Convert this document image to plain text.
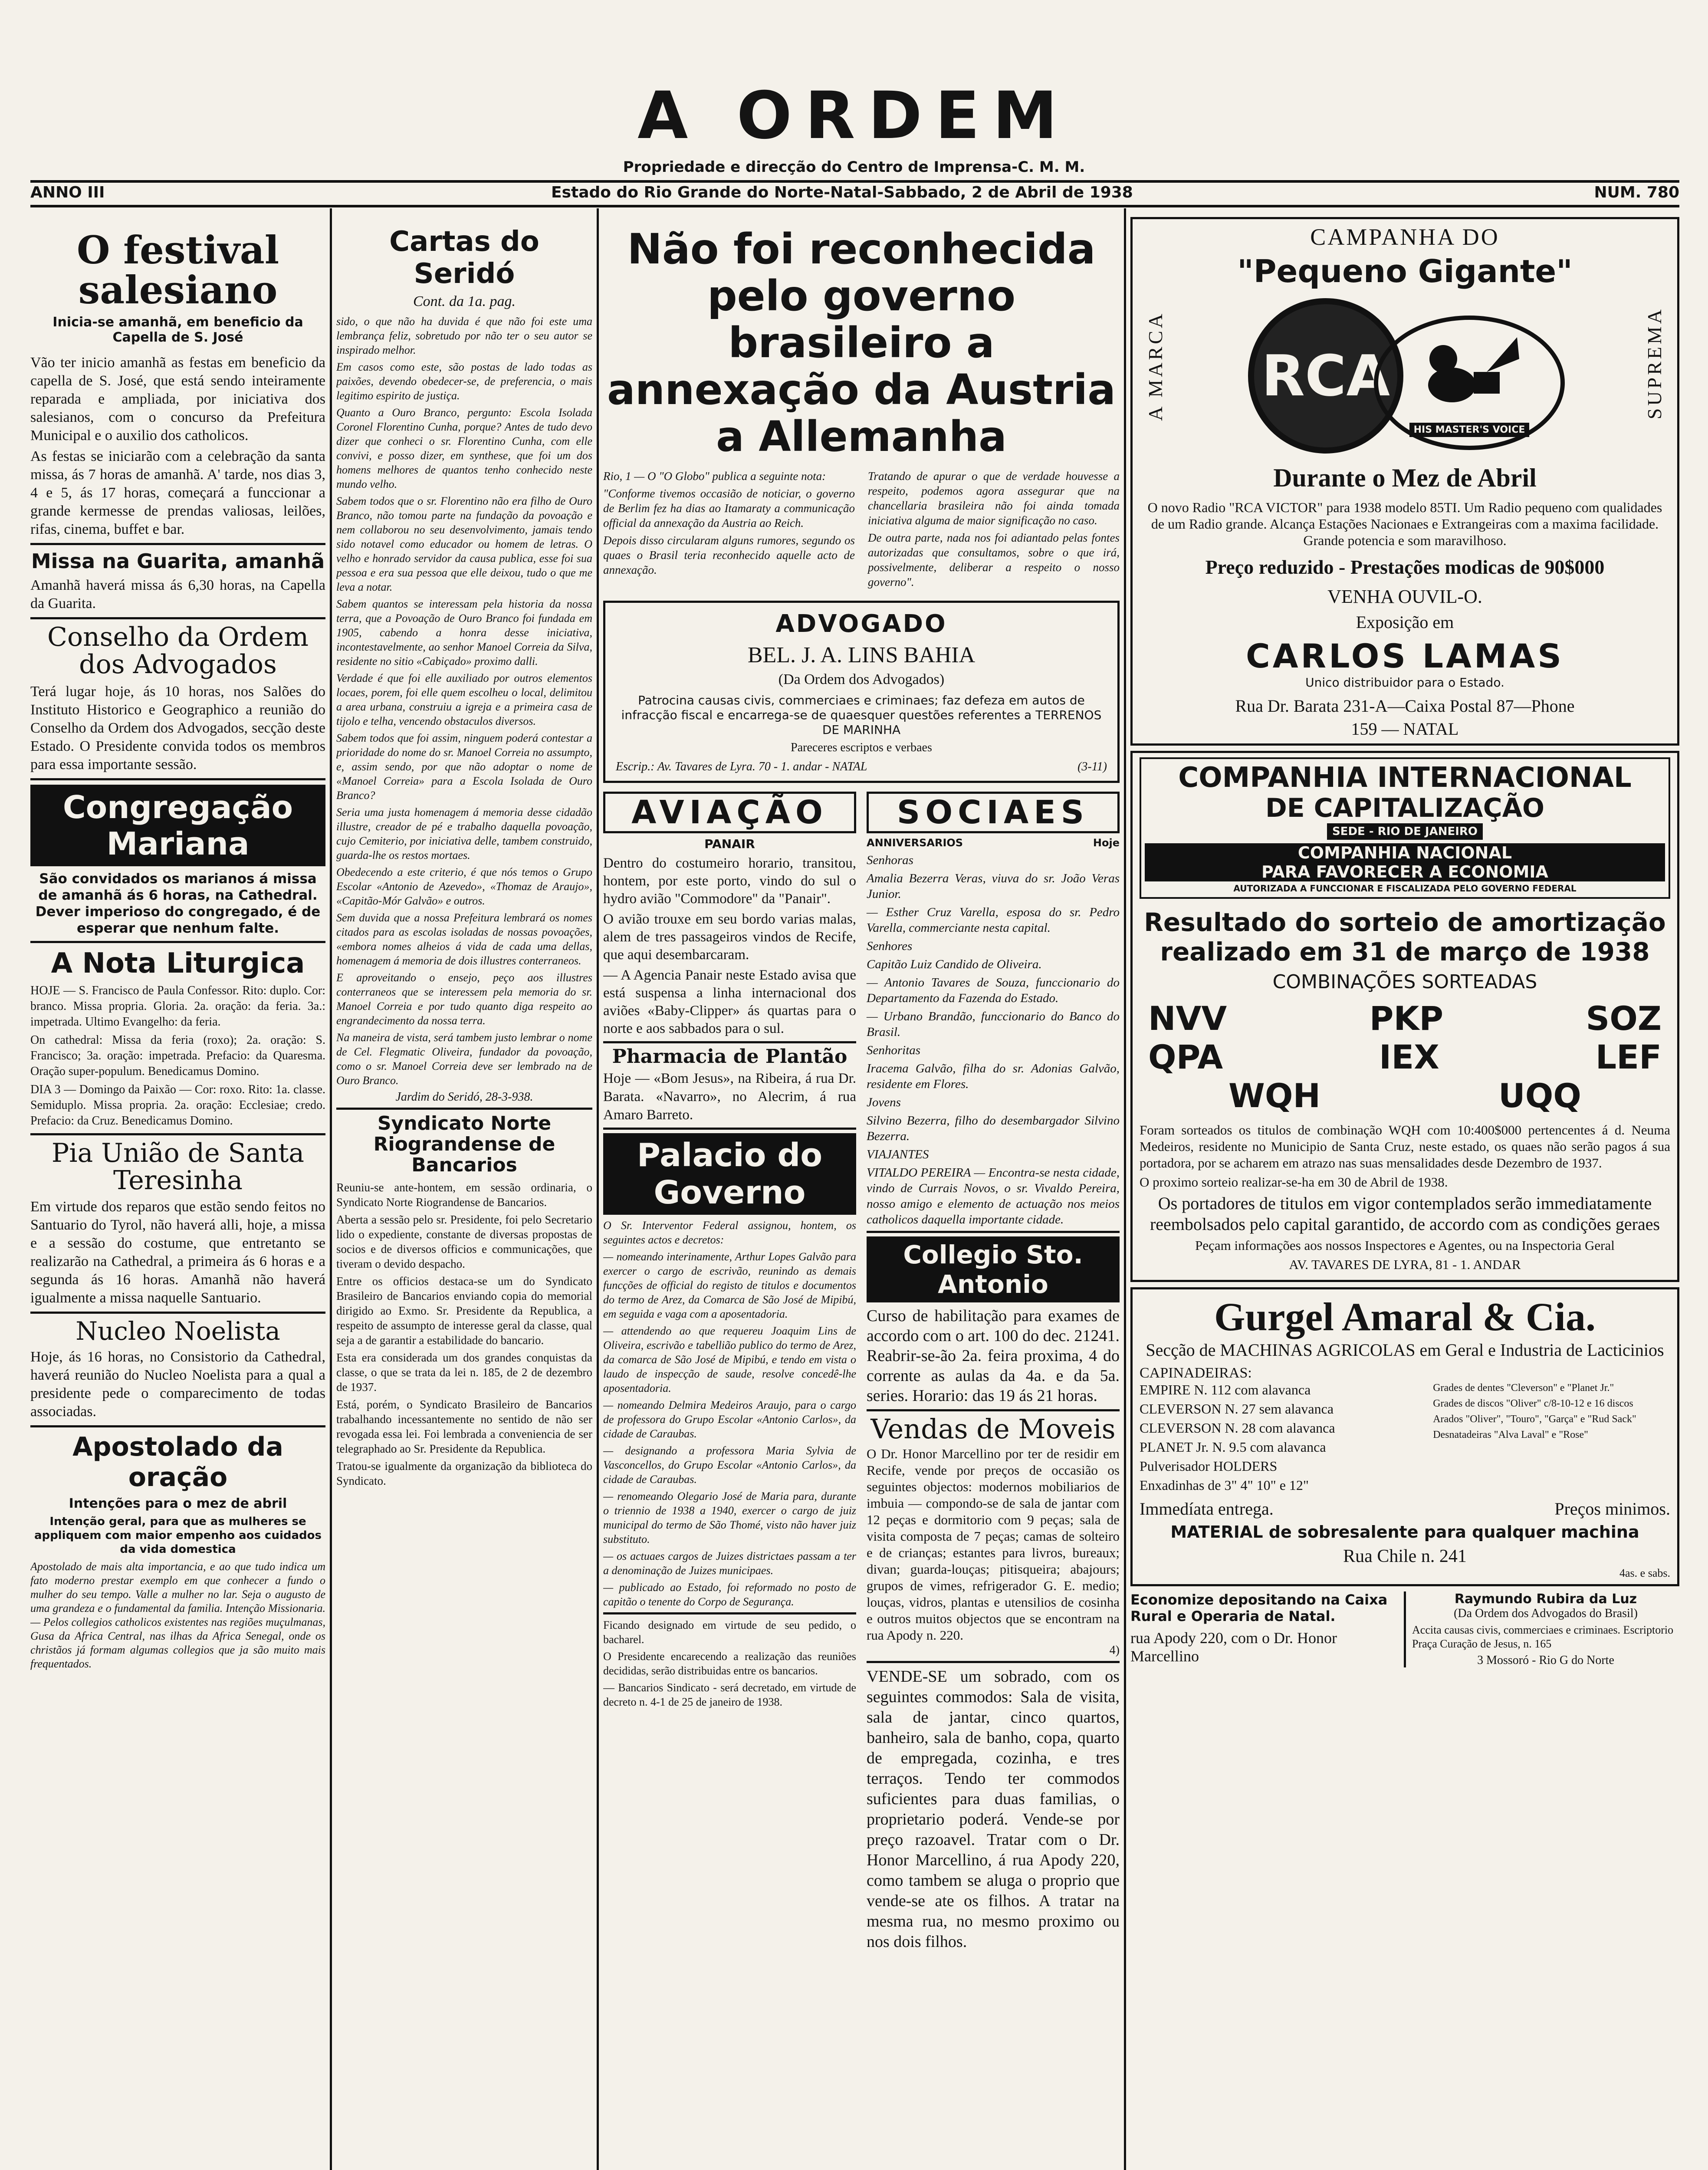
A ORDEM
Propriedade e direcção do Centro de Imprensa-C. M. M.
ANNO III	Estado do Rio Grande do Norte-Natal-Sabbado, 2 de Abril de 1938	NUM. 780
O festival salesiano
Inicia-se amanhã, em beneficio da Capella de S. José

Vão ter inicio amanhã as festas em beneficio da capella de S. José, que está sendo inteiramente reparada e ampliada, por iniciativa dos salesianos, com o concurso da Prefeitura Municipal e o auxilio dos catholicos.

As festas se iniciarão com a celebração da santa missa, ás 7 horas de amanhã. A' tarde, nos dias 3, 4 e 5, ás 17 horas, começará a funccionar a grande kermesse de prendas valiosas, leilões, rifas, cinema, buffet e bar.

Missa na Guarita, amanhã
Amanhã haverá missa ás 6,30 horas, na Capella da Guarita.
Conselho da Ordem dos Advogados
Terá lugar hoje, ás 10 horas, nos Salões do Instituto Historico e Geographico a reunião do Conselho da Ordem dos Advogados, secção deste Estado. O Presidente convida todos os membros para essa importante sessão.
Congregação Mariana
São convidados os marianos á missa de amanhã ás 6 horas, na Cathedral. Dever imperioso do congregado, é de esperar que nenhum falte.
A Nota Liturgica

HOJE — S. Francisco de Paula Confessor. Rito: duplo. Cor: branco. Missa propria. Gloria. 2a. oração: da feria. 3a.: impetrada. Ultimo Evangelho: da feria.

On cathedral: Missa da feria (roxo); 2a. oração: S. Francisco; 3a. oração: impetrada. Prefacio: da Quaresma. Oração super-populum. Benedicamus Domino.

DIA 3 — Domingo da Paixão — Cor: roxo. Rito: 1a. classe. Semiduplo. Missa propria. 2a. oração: Ecclesiae; credo. Prefacio: da Cruz. Benedicamus Domino.

Pia União de Santa Teresinha
Em virtude dos reparos que estão sendo feitos no Santuario do Tyrol, não haverá alli, hoje, a missa e a sessão do costume, que entretanto se realizarão na Cathedral, a primeira ás 6 horas e a segunda ás 16 horas. Amanhã não haverá igualmente a missa naquelle Santuario.
Nucleo Noelista
Hoje, ás 16 horas, no Consistorio da Cathedral, haverá reunião do Nucleo Noelista para a qual a presidente pede o comparecimento de todas associadas.
Apostolado da oração
Intenções para o mez de abril
Intenção geral, para que as mulheres se appliquem com maior empenho aos cuidados da vida domestica
Apostolado de mais alta importancia, e ao que tudo indica um fato moderno prestar exemplo em que conhecer a fundo o mulher do seu tempo. Valle a mulher no lar. Seja o augusto de uma grandeza e o fundamental da familia. Intenção Missionaria. — Pelos collegios catholicos existentes nas regiões muçulmanas, Gusa da Africa Central, nas ilhas da Africa Senegal, onde os christãos já formam algumas collegios que ja são muito mais frequentados.
Cartas do Seridó
Cont. da 1a. pag.

sido, o que não ha duvida é que não foi este uma lembrança feliz, sobretudo por não ter o seu autor se inspirado melhor.

Em casos como este, são postas de lado todas as paixões, devendo obedecer-se, de preferencia, o mais legitimo espirito de justiça.

Quanto a Ouro Branco, pergunto: Escola Isolada Coronel Florentino Cunha, porque? Antes de tudo devo dizer que conheci o sr. Florentino Cunha, com elle convivi, e posso dizer, em synthese, que foi um dos homens melhores de quantos tenho conhecido neste mundo velho.

Sabem todos que o sr. Florentino não era filho de Ouro Branco, não tomou parte na fundação da povoação e nem collaborou no seu desenvolvimento, jamais tendo sido notavel como educador ou homem de letras. O velho e honrado servidor da causa publica, esse foi sua pessoa e era sua pessoa que elle deixou, tudo o que me leva a notar.

Sabem quantos se interessam pela historia da nossa terra, que a Povoação de Ouro Branco foi fundada em 1905, cabendo a honra desse iniciativa, incontestavelmente, ao senhor Manoel Correia da Silva, residente no sitio «Cabiçado» proximo dalli.

Verdade é que foi elle auxiliado por outros elementos locaes, porem, foi elle quem escolheu o local, delimitou a area urbana, construiu a igreja e a primeira casa de tijolo e telha, vencendo obstaculos diversos.

Sabem todos que foi assim, ninguem poderá contestar a prioridade do nome do sr. Manoel Correia no assumpto, e, assim sendo, por que não adoptar o nome de «Manoel Correia» para a Escola Isolada de Ouro Branco?

Seria uma justa homenagem á memoria desse cidadão illustre, creador de pé e trabalho daquella povoação, cujo Cemiterio, por iniciativa delle, tambem construido, guarda-lhe os restos mortaes.

Obedecendo a este criterio, é que nós temos o Grupo Escolar «Antonio de Azevedo», «Thomaz de Araujo», «Capitão-Mór Galvão» e outros.

Sem duvida que a nossa Prefeitura lembrará os nomes citados para as escolas isoladas de nossas povoações, «embora nomes alheios á vida de cada uma dellas, homenagem á memoria de dois illustres conterraneos.

E aproveitando o ensejo, peço aos illustres conterraneos que se interessem pela memoria do sr. Manoel Correia e por tudo quanto diga respeito ao engrandecimento da nossa terra.

Na maneira de vista, será tambem justo lembrar o nome de Cel. Flegmatic Oliveira, fundador da povoação, como o sr. Manoel Correia deve ser lembrado na de Ouro Branco.

Jardim do Seridó, 28-3-938.
Syndicato Norte Riograndense de Bancarios

Reuniu-se ante-hontem, em sessão ordinaria, o Syndicato Norte Riograndense de Bancarios.

Aberta a sessão pelo sr. Presidente, foi pelo Secretario lido o expediente, constante de diversas propostas de socios e de diversos officios e communicações, que tiveram o devido despacho.

Entre os officios destaca-se um do Syndicato Brasileiro de Bancarios enviando copia do memorial dirigido ao Exmo. Sr. Presidente da Republica, a respeito de assumpto de interesse geral da classe, qual seja a de garantir a estabilidade do bancario.

Esta era considerada um dos grandes conquistas da classe, o que se trata da lei n. 185, de 2 de dezembro de 1937.

Está, porém, o Syndicato Brasileiro de Bancarios trabalhando incessantemente no sentido de não ser revogada essa lei. Foi lembrada a conveniencia de ser telegraphado ao Sr. Presidente da Republica.

Tratou-se igualmente da organização da biblioteca do Syndicato.

Não foi reconhecida pelo governo brasileiro a annexação da Austria a Allemanha

Rio, 1 — O "O Globo" publica a seguinte nota:

"Conforme tivemos occasião de noticiar, o governo de Berlim fez ha dias ao Itamaraty a communicação official da annexação da Austria ao Reich.

Depois disso circularam alguns rumores, segundo os quaes o Brasil teria reconhecido aquelle acto de annexação.

Tratando de apurar o que de verdade houvesse a respeito, podemos agora assegurar que na chancellaria brasileira não foi ainda tomada iniciativa alguma de maior significação no caso.

De outra parte, nada nos foi adiantado pelas fontes autorizadas que consultamos, sobre o que irá, possivelmente, deliberar a respeito o nosso governo".

ADVOGADO
BEL. J. A. LINS BAHIA
(Da Ordem dos Advogados)
Patrocina causas civis, commerciaes e criminaes; faz defeza em autos de infracção fiscal e encarrega-se de quaesquer questões referentes a TERRENOS DE MARINHA
Pareceres escriptos e verbaes
Escrip.: Av. Tavares de Lyra. 70 - 1. andar - NATAL	(3-11)
AVIAÇÃO
PANAIR

Dentro do costumeiro horario, transitou, hontem, por este porto, vindo do sul o hydro avião "Commodore" da "Panair".

O avião trouxe em seu bordo varias malas, alem de tres passageiros vindos de Recife, que aqui desembarcaram.

— A Agencia Panair neste Estado avisa que está suspensa a linha internacional dos aviões «Baby-Clipper» ás quartas para o norte e aos sabbados para o sul.

Pharmacia de Plantão
Hoje — «Bom Jesus», na Ribeira, á rua Dr. Barata. «Navarro», no Alecrim, á rua Amaro Barreto.
Palacio do Governo

O Sr. Interventor Federal assignou, hontem, os seguintes actos e decretos:

— nomeando interinamente, Arthur Lopes Galvão para exercer o cargo de escrivão, reunindo as demais funcções de official do registo de titulos e documentos do termo de Arez, da Comarca de São José de Mipibú, em seguida e vaga com a aposentadoria.

— attendendo ao que requereu Joaquim Lins de Oliveira, escrivão e tabellião publico do termo de Arez, da comarca de São José de Mipibú, e tendo em vista o laudo de inspecção de saude, resolve concedê-lhe aposentadoria.

— nomeando Delmira Medeiros Araujo, para o cargo de professora do Grupo Escolar «Antonio Carlos», da cidade de Caraubas.

— designando a professora Maria Sylvia de Vasconcellos, do Grupo Escolar «Antonio Carlos», da cidade de Caraubas.

— renomeando Olegario José de Maria para, durante o triennio de 1938 a 1940, exercer o cargo de juiz municipal do termo de São Thomé, visto não haver juiz substituto.

— os actuaes cargos de Juizes districtaes passam a ter a denominação de Juizes municipaes.

— publicado ao Estado, foi reformado no posto de capitão o tenente do Corpo de Segurança.

Ficando designado em virtude de seu pedido, o bacharel.

O Presidente encarecendo a realização das reuniões decididas, serão distribuidas entre os bancarios.

— Bancarios Sindicato - será decretado, em virtude de decreto n. 4-1 de 25 de janeiro de 1938.

SOCIAES
ANNIVERSARIOS	Hoje

Senhoras

Amalia Bezerra Veras, viuva do sr. João Veras Junior.

— Esther Cruz Varella, esposa do sr. Pedro Varella, commerciante nesta capital.

Senhores

Capitão Luiz Candido de Oliveira.

— Antonio Tavares de Souza, funccionario do Departamento da Fazenda do Estado.

— Urbano Brandão, funccionario do Banco do Brasil.

Senhoritas

Iracema Galvão, filha do sr. Adonias Galvão, residente em Flores.

Jovens

Silvino Bezerra, filho do desembargador Silvino Bezerra.

VIAJANTES

VITALDO PEREIRA — Encontra-se nesta cidade, vindo de Currais Novos, o sr. Vivaldo Pereira, nosso amigo e elemento de actuação nos meios catholicos daquella importante cidade.

Collegio Sto. Antonio
Curso de habilitação para exames de accordo com o art. 100 do dec. 21241. Reabrir-se-ão 2a. feira proxima, 4 do corrente as aulas da 4a. e da 5a. series. Horario: das 19 ás 21 horas.
Vendas de Moveis
O Dr. Honor Marcellino por ter de residir em Recife, vende por preços de occasião os seguintes objectos: modernos mobiliarios de imbuia — compondo-se de sala de jantar com 12 peças e dormitorio com 9 peças; sala de visita composta de 7 peças; camas de solteiro e de crianças; estantes para livros, bureaux; divan; guarda-louças; pitisqueira; abajours; grupos de vimes, refrigerador G. E. medio; louças, vidros, plantas e utensilios de cosinha e outros muitos objectos que se encontram na rua Apody n. 220.
4)
VENDE-SE um sobrado, com os seguintes commodos: Sala de visita, sala de jantar, cinco quartos, banheiro, sala de banho, copa, quarto de empregada, cozinha, e tres terraços. Tendo ter commodos suficientes para duas familias, o proprietario poderá. Vende-se por preço razoavel. Tratar com o Dr. Honor Marcellino, á rua Apody 220, como tambem se aluga o proprio que vende-se ate os filhos. A tratar na mesma rua, no mesmo proximo ou nos dois filhos.
CAMPANHA DO
"Pequeno Gigante"
A MARCA RCA
HIS MASTER'S VOICE
SUPREMA
Durante o Mez de Abril
O novo Radio "RCA VICTOR" para 1938 modelo 85TI. Um Radio pequeno com qualidades de um Radio grande. Alcança Estações Nacionaes e Extrangeiras com a maxima facilidade. Grande potencia e som maravilhoso.
Preço reduzido - Prestações modicas de 90$000
VENHA OUVIL-O.
Exposição em
CARLOS LAMAS
Unico distribuidor para o Estado.
Rua Dr. Barata 231-A—Caixa Postal 87—Phone
159 — NATAL
COMPANHIA INTERNACIONAL
DE CAPITALIZAÇÃO
SEDE - RIO DE JANEIRO
COMPANHIA NACIONAL
PARA FAVORECER A ECONOMIA
AUTORIZADA A FUNCCIONAR E FISCALIZADA PELO GOVERNO FEDERAL
Resultado do sorteio de amortização realizado em 31 de março de 1938
COMBINAÇÕES SORTEADAS
NVV	PKP	SOZ
QPA	IEX	LEF
WQH	UQQ

Foram sorteados os titulos de combinação WQH com 10:400$000 pertencentes á d. Neuma Medeiros, residente no Municipio de Santa Cruz, neste estado, os quaes não serão pagos á sua portadora, por se acharem em atrazo nas suas mensalidades desde Dezembro de 1937.

O proximo sorteio realizar-se-ha em 30 de Abril de 1938.

Os portadores de titulos em vigor contemplados serão immediatamente reembolsados pelo capital garantido, de accordo com as condições geraes

Peçam informações aos nossos Inspectores e Agentes, ou na Inspectoria Geral

AV. TAVARES DE LYRA, 81 - 1. ANDAR

Gurgel Amaral & Cia.
Secção de MACHINAS AGRICOLAS em Geral e Industria de Lacticinios
CAPINADEIRAS:

EMPIRE N. 112 com alavanca

CLEVERSON N. 27 sem alavanca

CLEVERSON N. 28 com alavanca

PLANET Jr. N. 9.5 com alavanca

Pulverisador HOLDERS

Enxadinhas de 3" 4" 10" e 12"

Grades de dentes "Cleverson" e "Planet Jr."

Grades de discos "Oliver" c/8-10-12 e 16 discos

Arados "Oliver", "Touro", "Garça" e "Rud Sack"

Desnatadeiras "Alva Laval" e "Rose"

Immedíata entrega.	Preços minimos.
MATERIAL de sobresalente para qualquer machina
Rua Chile n. 241
4as. e sabs.
Economize depositando na Caixa Rural e Operaria de Natal.
rua Apody 220, com o Dr. Honor Marcellino
Raymundo Rubira da Luz
(Da Ordem dos Advogados do Brasil)
Accita causas civis, commerciaes e criminaes. Escriptorio Praça Curação de Jesus, n. 165
3 Mossoró - Rio G do Norte
